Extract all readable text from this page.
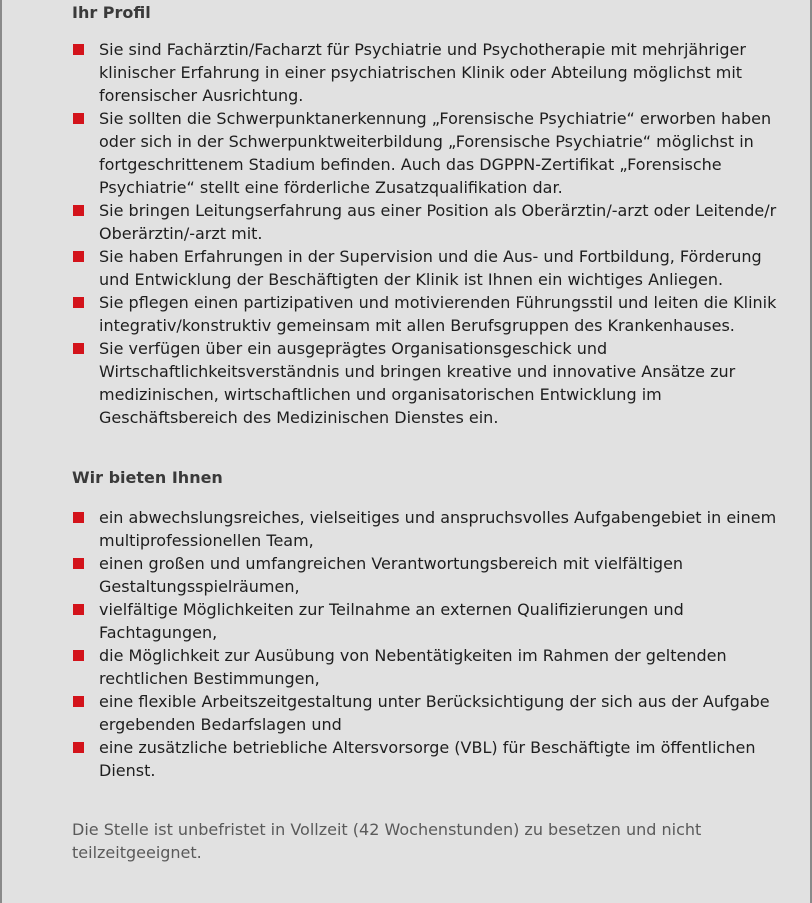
Ihr Profil
Sie sind Fachärztin/Facharzt für Psychiatrie und Psychotherapie mit mehrjähriger klinischer Erfahrung in einer psychiatrischen Klinik oder Abteilung möglichst mit forensischer Ausrichtung.
Sie sollten die Schwerpunktanerkennung „Forensische Psychiatrie“ erworben haben oder sich in der Schwerpunktweiterbildung „Forensische Psychiatrie“ möglichst in fortgeschrittenem Stadium befinden. Auch das DGPPN-Zertifikat „Forensische Psychiatrie“ stellt eine förderliche Zusatzqualifikation dar.
Sie bringen Leitungserfahrung aus einer Position als Oberärztin/-arzt oder Leitende/r Oberärztin/-arzt mit.
Sie haben Erfahrungen in der Supervision und die Aus- und Fortbildung, Förderung und Entwicklung der Beschäftigten der Klinik ist Ihnen ein wichtiges Anliegen.
Sie pflegen einen partizipativen und motivierenden Führungsstil und leiten die Klinik integrativ/konstruktiv gemeinsam mit allen Berufsgruppen des Krankenhauses.
Sie verfügen über ein ausgeprägtes Organisationsgeschick und Wirtschaftlichkeitsverständnis und bringen kreative und innovative Ansätze zur medizinischen, wirtschaftlichen und organisatorischen Entwicklung im Geschäftsbereich des Medizinischen Dienstes ein.
Wir bieten Ihnen
ein abwechslungsreiches, vielseitiges und anspruchsvolles Aufgabengebiet in einem multiprofessionellen Team,
einen großen und umfangreichen Verantwortungsbereich mit vielfältigen Gestaltungsspielräumen,
vielfältige Möglichkeiten zur Teilnahme an externen Qualifizierungen und Fachtagungen,
die Möglichkeit zur Ausübung von Nebentätigkeiten im Rahmen der geltenden rechtlichen Bestimmungen,
eine flexible Arbeitszeitgestaltung unter Berücksichtigung der sich aus der Aufgabe ergebenden Bedarfslagen und
eine zusätzliche betriebliche Altersvorsorge (VBL) für Beschäftigte im öffentlichen Dienst.

Die Stelle ist unbefristet in Vollzeit (42 Wochenstunden) zu besetzen und nicht teilzeitgeeignet.
